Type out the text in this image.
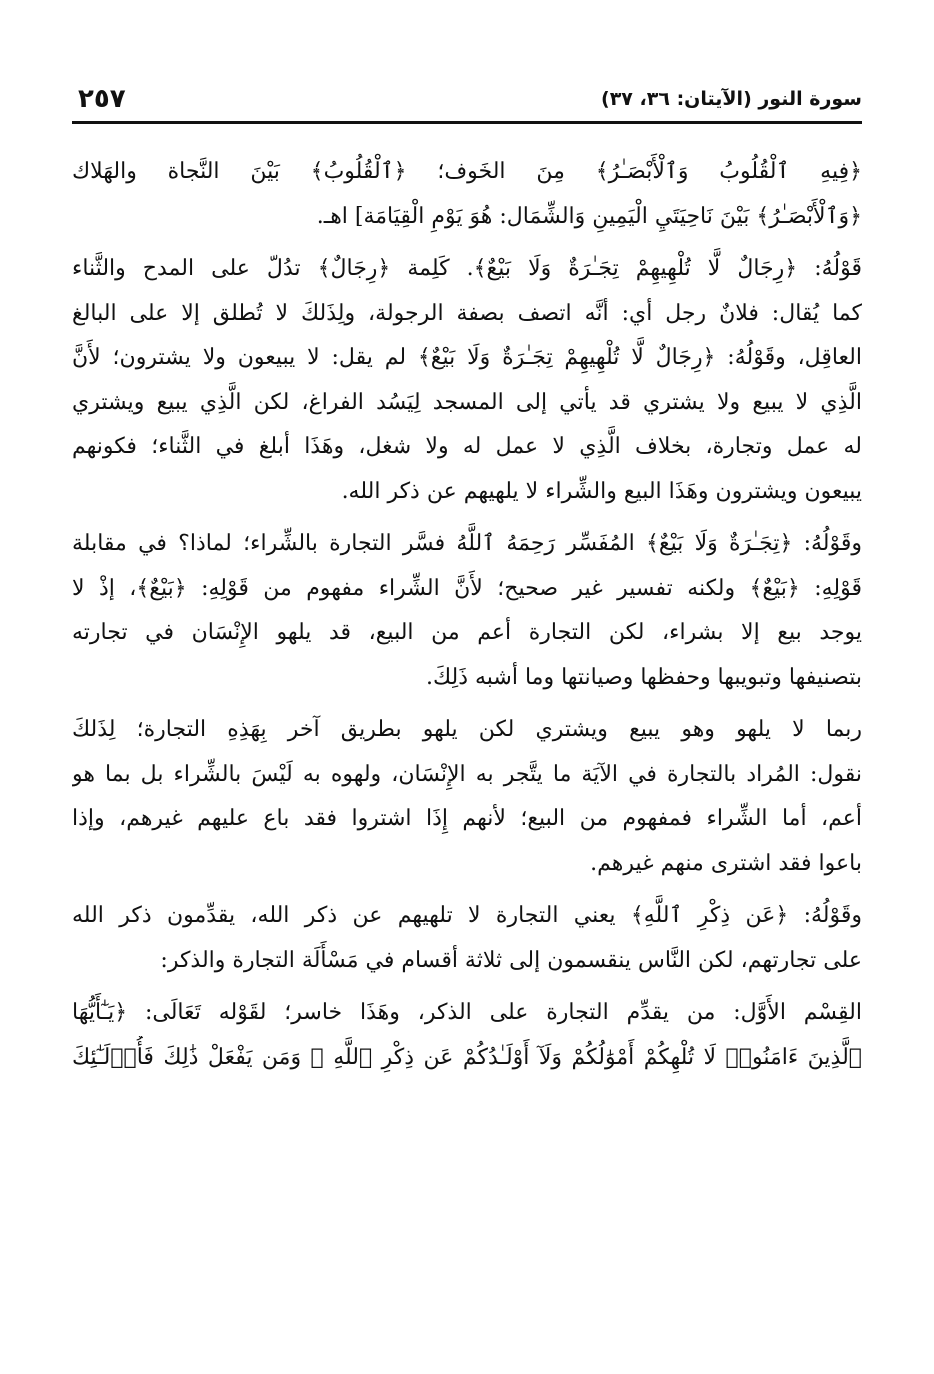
٢٥٧	سورة النور (الآيتان: ٣٦، ٣٧)
﴿فِيهِ ٱلْقُلُوبُ وَٱلْأَبْصَـٰرُ﴾ مِنَ الخَوف؛ ﴿ٱلْقُلُوبُ﴾ بَيْنَ النَّجاة والهَلاك
﴿وَٱلْأَبْصَـٰرُ﴾ بَيْنَ نَاحِيَتَيِ الْيَمِينِ وَالشِّمَال: هُوَ يَوْمِ الْقِيَامَة] اهـ.
قَوْلُهُ: ﴿رِجَالٌ لَّا تُلْهِيهِمْ تِجَـٰرَةٌ وَلَا بَيْعٌ﴾. كَلِمة ﴿رِجَالٌ﴾ تدُلّ على المدح والثَّناء
كما يُقال: فلانٌ رجل أي: أنَّه اتصف بصفة الرجولة، ولِذَلكَ لا تُطلق إلا على البالغ
العاقِل، وقَوْلُهُ: ﴿رِجَالٌ لَّا تُلْهِيهِمْ تِجَـٰرَةٌ وَلَا بَيْعٌ﴾ لم يقل: لا يبيعون ولا يشترون؛ لأَنَّ
الَّذِي لا يبيع ولا يشتري قد يأتي إلى المسجد لِيَسُد الفراغ، لكن الَّذِي يبيع ويشتري
له عمل وتجارة، بخلاف الَّذِي لا عمل له ولا شغل، وهَذَا أبلغ في الثَّناء؛ فكونهم
يبيعون ويشترون وهَذَا البيع والشِّراء لا يلهيهم عن ذكر الله.
وقَوْلُهُ: ﴿تِجَـٰرَةٌ وَلَا بَيْعٌ﴾ المُفَسِّر رَحِمَهُ ٱللَّهُ فسَّر التجارة بالشِّراء؛ لماذا؟ في مقابلة
قَوْلِهِ: ﴿بَيْعٌ﴾ ولكنه تفسير غير صحيح؛ لأَنَّ الشِّراء مفهوم من قَوْلِهِ: ﴿بَيْعٌ﴾، إذْ لا
يوجد بيع إلا بشراء، لكن التجارة أعم من البيع، قد يلهو الإِنْسَان في تجارته
بتصنيفها وتبويبها وحفظها وصيانتها وما أشبه ذَلِكَ.
ربما لا يلهو وهو يبيع ويشتري لكن يلهو بطريق آخر بِهَذِهِ التجارة؛ لِذَلكَ
نقول: المُراد بالتجارة في الآيَة ما يتَّجر به الإِنْسَان، ولهوه به لَيْسَ بالشِّراء بل بما هو
أعم، أما الشِّراء فمفهوم من البيع؛ لأنهم إِذَا اشتروا فقد باع عليهم غيرهم، وإذا
باعوا فقد اشترى منهم غيرهم.
وقَوْلُهُ: ﴿عَن ذِكْرِ ٱللَّهِ﴾ يعني التجارة لا تلهيهم عن ذكر الله، يقدِّمون ذكر الله
على تجارتهم، لكن النَّاس ينقسمون إلى ثلاثة أقسام في مَسْأَلَة التجارة والذكر:
القِسْم الأَوَّل: من يقدِّم التجارة على الذكر، وهَذَا خاسر؛ لقَوْله تَعَالَى: ﴿يَـٰٓأَيُّهَا
ٱلَّذِينَ ءَامَنُوا۟ لَا تُلْهِكُمْ أَمْوَٰلُكُمْ وَلَآ أَوْلَـٰدُكُمْ عَن ذِكْرِ ٱللَّهِ ۚ وَمَن يَفْعَلْ ذَٰلِكَ فَأُو۟لَـٰٓئِكَ
